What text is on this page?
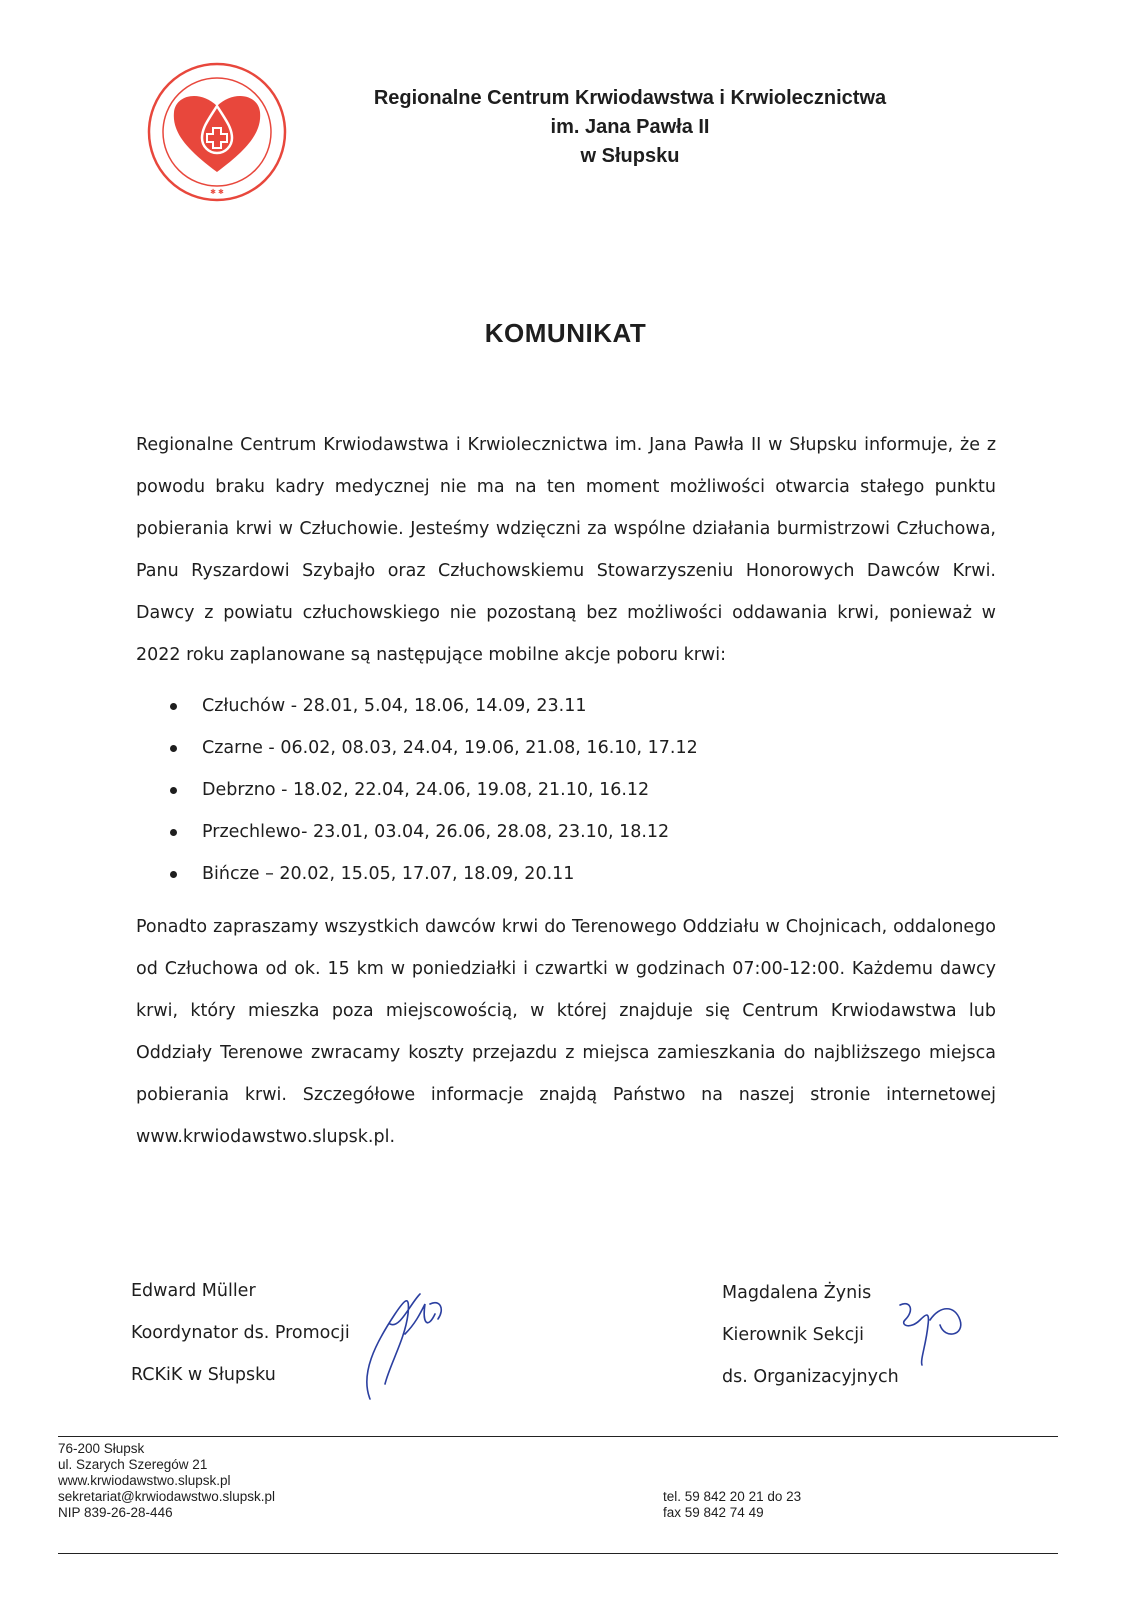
✱ ✱
Regionalne Centrum Krwiodawstwa i Krwiolecznictwa
im. Jana Pawła II
w Słupsku
KOMUNIKAT
Regionalne Centrum Krwiodawstwa i Krwiolecznictwa im. Jana Pawła II w Słupsku informuje, że z powodu braku kadry medycznej nie ma na ten moment możliwości otwarcia stałego punktu pobierania krwi w Człuchowie. Jesteśmy wdzięczni za wspólne działania burmistrzowi Człuchowa, Panu Ryszardowi Szybajło oraz Człuchowskiemu Stowarzyszeniu Honorowych Dawców Krwi. Dawcy z powiatu człuchowskiego nie pozostaną bez możliwości oddawania krwi, ponieważ w 2022 roku zaplanowane są następujące mobilne akcje poboru krwi:
Człuchów - 28.01, 5.04, 18.06, 14.09, 23.11
Czarne - 06.02, 08.03, 24.04, 19.06, 21.08, 16.10, 17.12
Debrzno - 18.02, 22.04, 24.06, 19.08, 21.10, 16.12
Przechlewo- 23.01, 03.04, 26.06, 28.08, 23.10, 18.12
Bińcze – 20.02, 15.05, 17.07, 18.09, 20.11
Ponadto zapraszamy wszystkich dawców krwi do Terenowego Oddziału w Chojnicach, oddalonego od Człuchowa od ok. 15 km w poniedziałki i czwartki w godzinach 07:00-12:00. Każdemu dawcy krwi, który mieszka poza miejscowością, w której znajduje się Centrum Krwiodawstwa lub Oddziały Terenowe zwracamy koszty przejazdu z miejsca zamieszkania do najbliższego miejsca pobierania krwi. Szczegółowe informacje znajdą Państwo na naszej stronie internetowej www.krwiodawstwo.slupsk.pl.
Edward Müller
Koordynator ds. Promocji
RCKiK w Słupsku
Magdalena Żynis
Kierownik Sekcji
ds. Organizacyjnych
76-200 Słupsk
ul. Szarych Szeregów 21
www.krwiodawstwo.slupsk.pl
sekretariat@krwiodawstwo.slupsk.pl
NIP 839-26-28-446
tel. 59 842 20 21 do 23
fax 59 842 74 49
